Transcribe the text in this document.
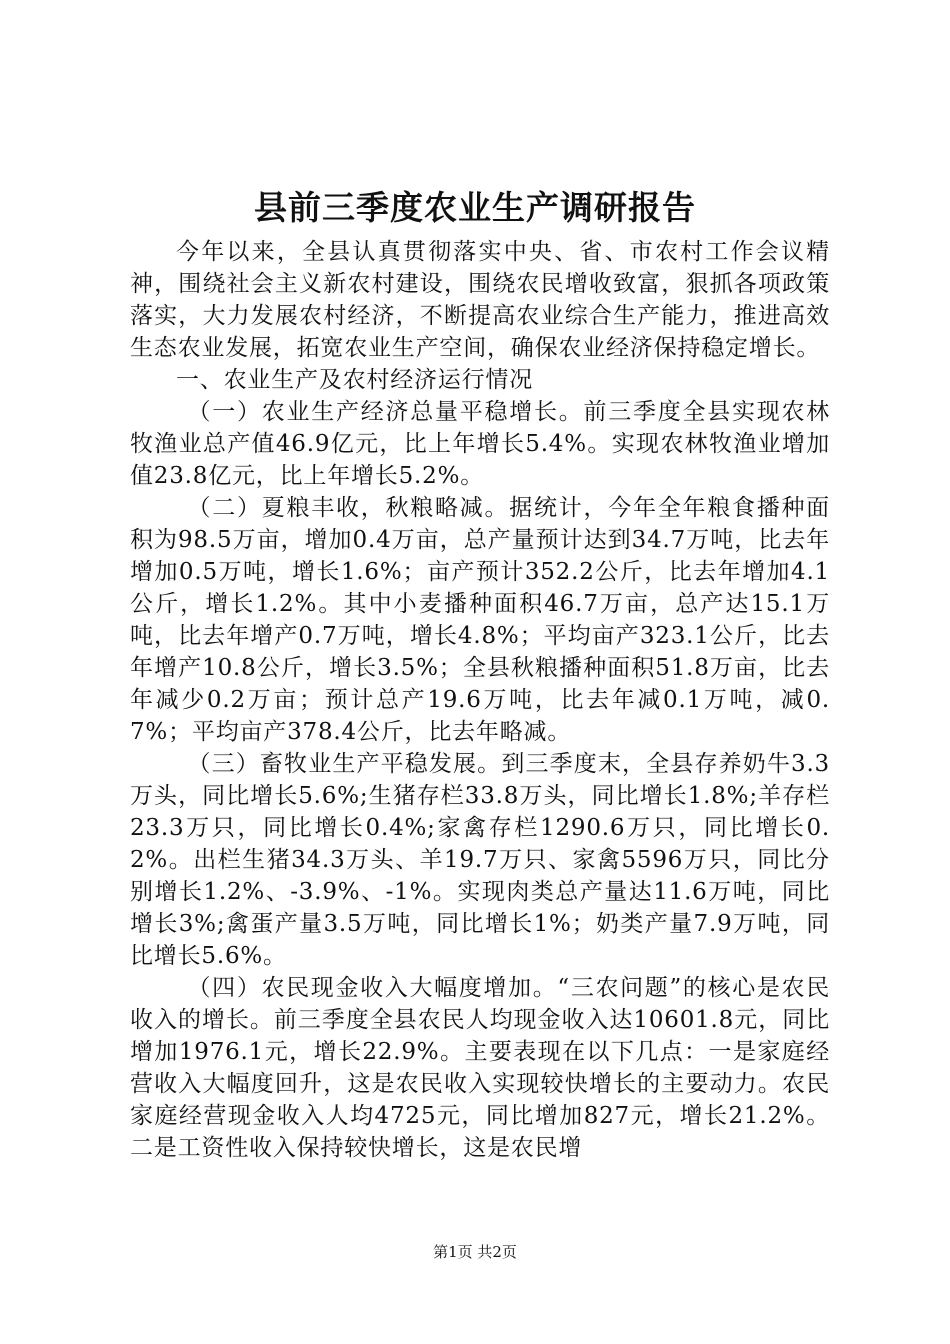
县前三季度农业生产调研报告

今年以来，全县认真贯彻落实中央、省、市农村工作会议精神，围绕社会主义新农村建设，围绕农民增收致富，狠抓各项政策落实，大力发展农村经济，不断提高农业综合生产能力，推进高效生态农业发展，拓宽农业生产空间，确保农业经济保持稳定增长。

一、农业生产及农村经济运行情况

（一）农业生产经济总量平稳增长。前三季度全县实现农林牧渔业总产值46.9亿元，比上年增长5.4%。实现农林牧渔业增加值23.8亿元，比上年增长5.2%。

（二）夏粮丰收，秋粮略减。据统计，今年全年粮食播种面积为98.5万亩，增加0.4万亩，总产量预计达到34.7万吨，比去年增加0.5万吨，增长1.6%；亩产预计352.2公斤，比去年增加4.1公斤，增长1.2%。其中小麦播种面积46.7万亩，总产达15.1万吨，比去年增产0.7万吨，增长4.8%；平均亩产323.1公斤，比去年增产10.8公斤，增长3.5%；全县秋粮播种面积51.8万亩，比去年减少0.2万亩；预计总产19.6万吨，比去年减0.1万吨，减0.7%；平均亩产378.4公斤，比去年略减。

（三）畜牧业生产平稳发展。到三季度末，全县存养奶牛3.3万头，同比增长5.6%;生猪存栏33.8万头，同比增长1.8%;羊存栏23.3万只，同比增长0.4%;家禽存栏1290.6万只，同比增长0.2%。出栏生猪34.3万头、羊19.7万只、家禽5596万只，同比分别增长1.2%、-3.9%、-1%。实现肉类总产量达11.6万吨，同比增长3%;禽蛋产量3.5万吨，同比增长1%；奶类产量7.9万吨，同比增长5.6%。

（四）农民现金收入大幅度增加。“三农问题”的核心是农民收入的增长。前三季度全县农民人均现金收入达10601.8元，同比增加1976.1元，增长22.9%。主要表现在以下几点：一是家庭经营收入大幅度回升，这是农民收入实现较快增长的主要动力。农民家庭经营现金收入人均4725元，同比增加827元，增长21.2%。二是工资性收入保持较快增长，这是农民增

第1页 共2页
